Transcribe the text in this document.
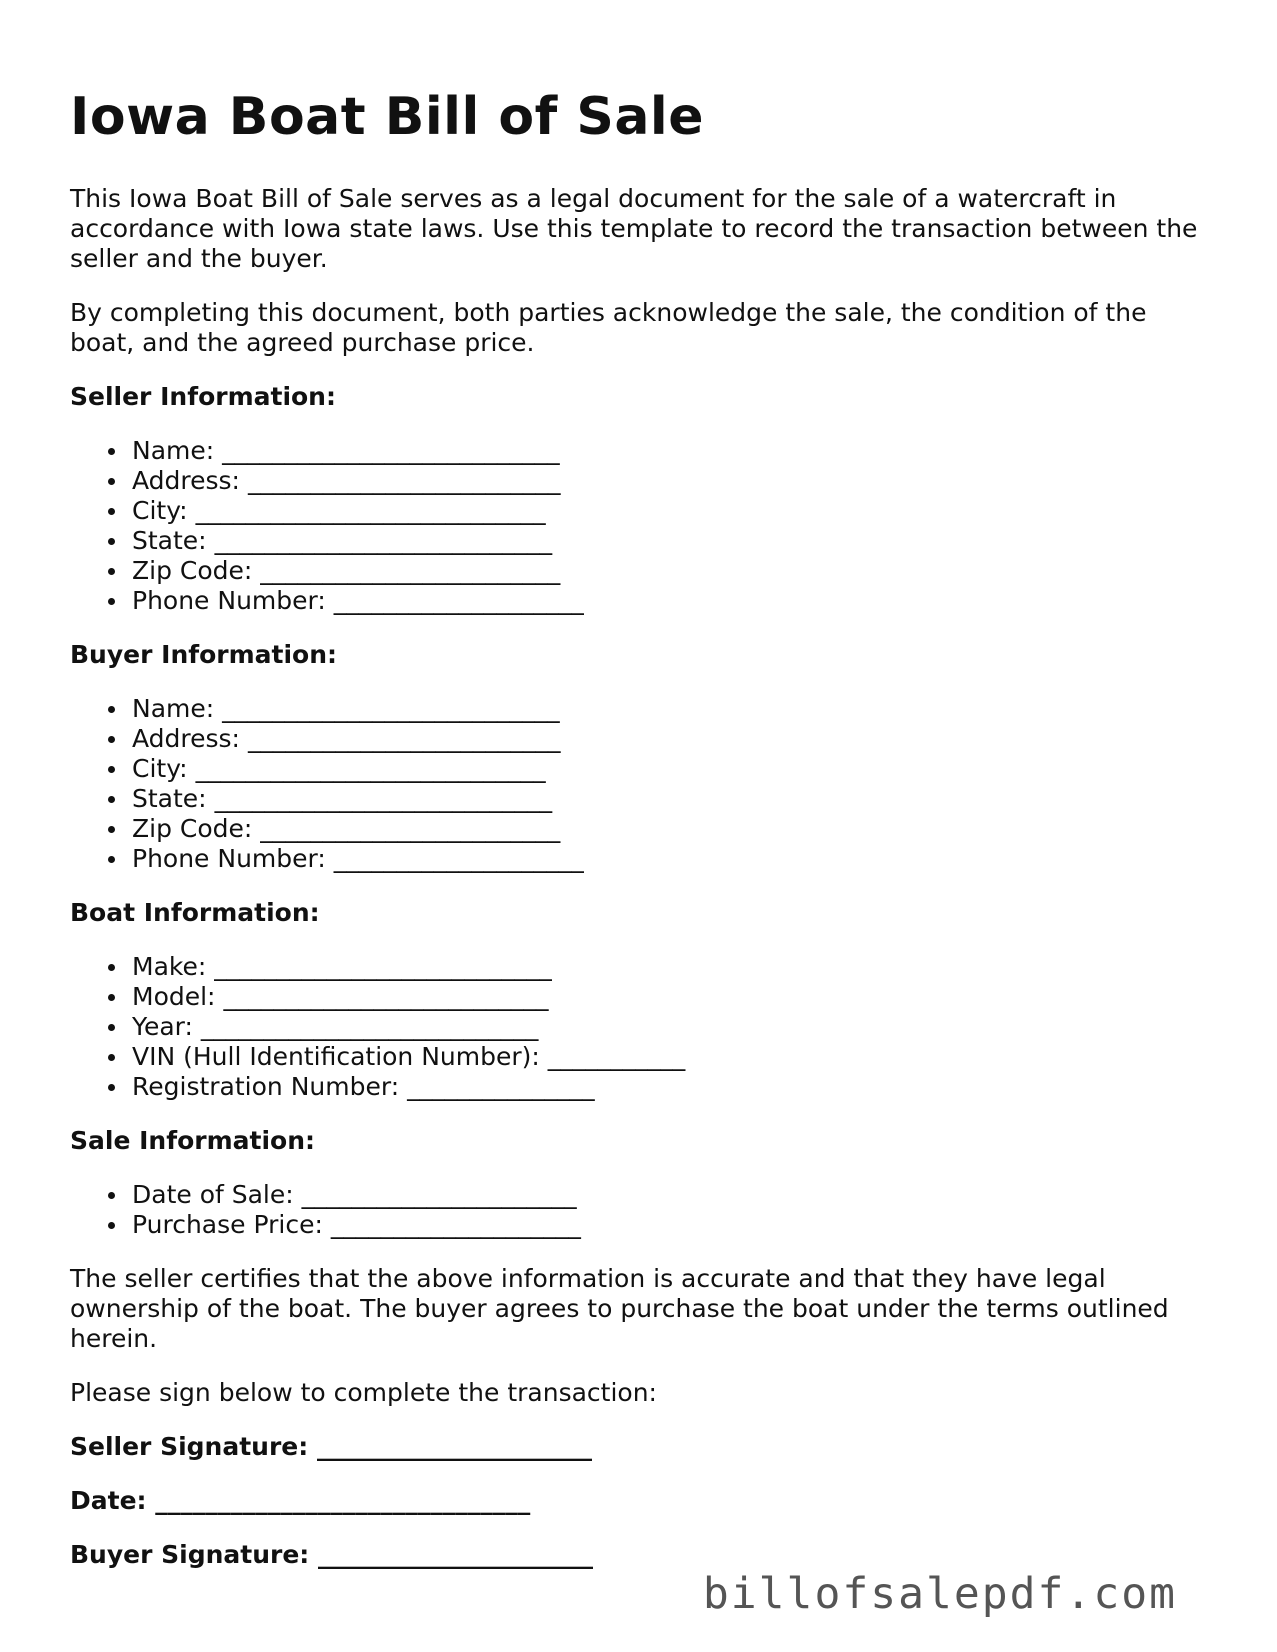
Iowa Boat Bill of Sale

This Iowa Boat Bill of Sale serves as a legal document for the sale of a watercraft in accordance with Iowa state laws. Use this template to record the transaction between the seller and the buyer.

By completing this document, both parties acknowledge the sale, the condition of the boat, and the agreed purchase price.

Seller Information:
Name: ___________________________
Address: _________________________
City: ____________________________
State: ___________________________
Zip Code: ________________________
Phone Number: ____________________
Buyer Information:
Name: ___________________________
Address: _________________________
City: ____________________________
State: ___________________________
Zip Code: ________________________
Phone Number: ____________________
Boat Information:
Make: ___________________________
Model: __________________________
Year: ___________________________
VIN (Hull Identification Number): ___________
Registration Number: _______________
Sale Information:
Date of Sale: ______________________
Purchase Price: ____________________

The seller certifies that the above information is accurate and that they have legal ownership of the boat. The buyer agrees to purchase the boat under the terms outlined herein.

Please sign below to complete the transaction:

Seller Signature: ______________________
Date: ______________________________
Buyer Signature: ______________________
billofsalepdf.com
